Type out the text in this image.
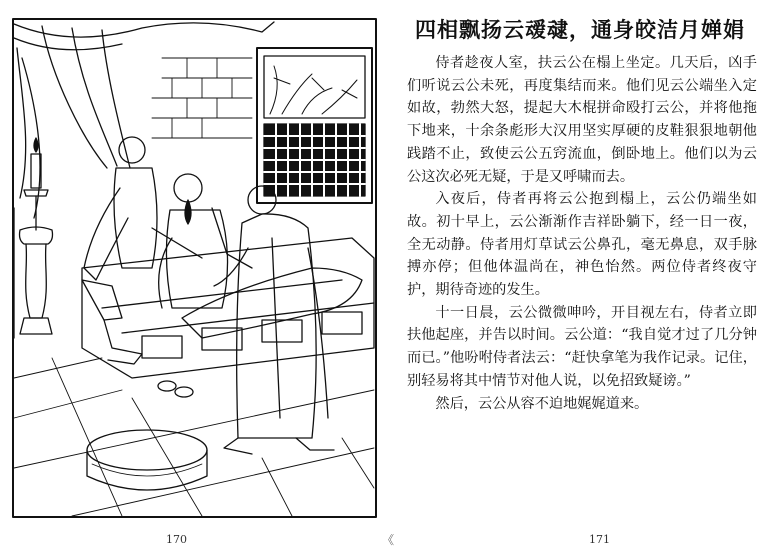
170	《
四相飘扬云叆叇，通身皎洁月婵娟

侍者趁夜人室，扶云公在榻上坐定。几天后，凶手们听说云公未死，再度集结而来。他们见云公端坐入定如故，勃然大怒，提起大木棍拼命殴打云公，并将他拖下地来，十余条彪形大汉用坚实厚硬的皮鞋狠狠地朝他践踏不止，致使云公五窍流血，倒卧地上。他们以为云公这次必死无疑，于是又呼啸而去。

入夜后，侍者再将云公抱到榻上，云公仍端坐如故。初十早上，云公渐渐作吉祥卧躺下，经一日一夜，全无动静。侍者用灯草试云公鼻孔，毫无鼻息，双手脉搏亦停；但他体温尚在，神色怡然。两位侍者终夜守护，期待奇迹的发生。

十一日晨，云公微微呻吟，开目视左右，侍者立即扶他起座，并告以时间。云公道：“我自觉才过了几分钟而已。”他吩咐侍者法云：“赶快拿笔为我作记录。记住，别轻易将其中情节对他人说，以免招致疑谤。”

然后，云公从容不迫地娓娓道来。

171
